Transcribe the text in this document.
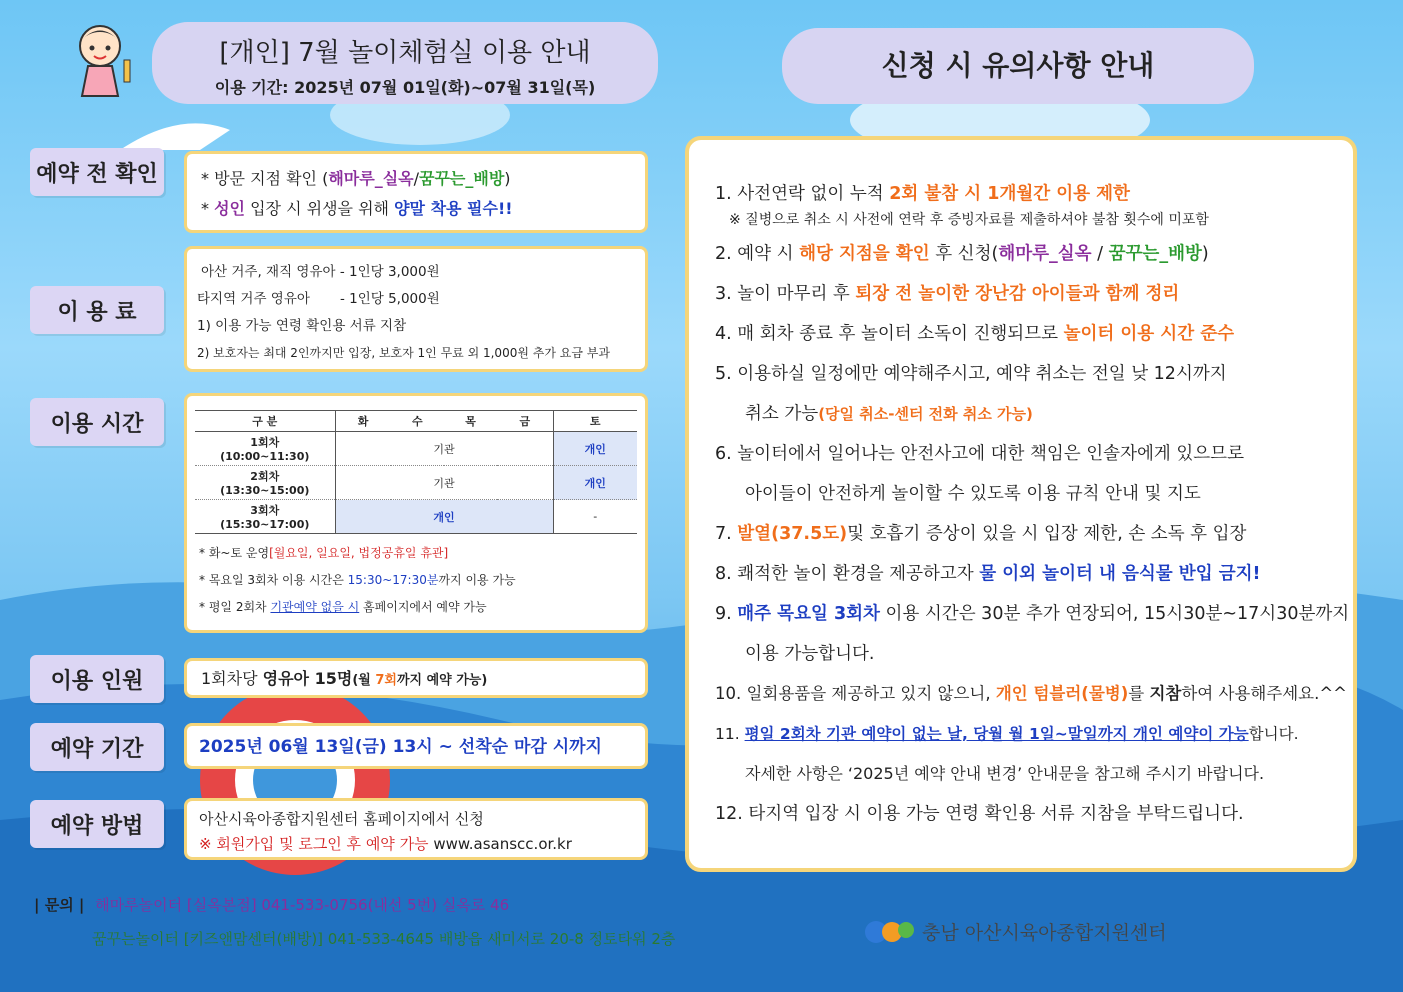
[개인] 7월 놀이체험실 이용 안내
이용 기간: 2025년 07월 01일(화)~07월 31일(목)
신청 시 유의사항 안내
예약 전 확인	* 방문 지점 확인 (해마루_실옥/꿈꾸는_배방)
* 성인 입장 시 위생을 위해 양말 착용 필수!!
이 용 료
아산 거주, 재직 영유아 - 1인당 3,000원
타지역 거주 영유아       - 1인당 5,000원
1) 이용 가능 연령 확인용 서류 지참
2) 보호자는 최대 2인까지만 입장, 보호자 1인 무료 외 1,000원 추가 요금 부과
이용 시간	구 분	화	수	목	금	토
1회차
(10:00~11:30)	기관				개인
2회차
(13:30~15:00)	기관				개인
3회차
(15:30~17:00)	개인				-
* 화~토 운영[월요일, 일요일, 법정공휴일 휴관]
* 목요일 3회차 이용 시간은 15:30~17:30분까지 이용 가능
* 평일 2회차 기관예약 없을 시 홈페이지에서 예약 가능
이용 인원	1회차당 영유아 15명(월 7회까지 예약 가능)
예약 기간	2025년 06월 13일(금) 13시 ~ 선착순 마감 시까지
예약 방법	아산시육아종합지원센터 홈페이지에서 신청
※ 회원가입 및 로그인 후 예약 가능 www.asanscc.or.kr
1. 사전연락 없이 누적 2회 불참 시 1개월간 이용 제한
※ 질병으로 취소 시 사전에 연락 후 증빙자료를 제출하셔야 불참 횟수에 미포함
2. 예약 시 해당 지점을 확인 후 신청(해마루_실옥 / 꿈꾸는_배방)
3. 놀이 마무리 후 퇴장 전 놀이한 장난감 아이들과 함께 정리
4. 매 회차 종료 후 놀이터 소독이 진행되므로 놀이터 이용 시간 준수
5. 이용하실 일정에만 예약해주시고, 예약 취소는 전일 낮 12시까지
취소 가능(당일 취소-센터 전화 취소 가능)
6. 놀이터에서 일어나는 안전사고에 대한 책임은 인솔자에게 있으므로
아이들이 안전하게 놀이할 수 있도록 이용 규칙 안내 및 지도
7. 발열(37.5도)및 호흡기 증상이 있을 시 입장 제한, 손 소독 후 입장
8. 쾌적한 놀이 환경을 제공하고자 물 이외 놀이터 내 음식물 반입 금지!
9. 매주 목요일 3회차 이용 시간은 30분 추가 연장되어, 15시30분~17시30분까지
이용 가능합니다.
10. 일회용품을 제공하고 있지 않으니, 개인 텀블러(물병)를 지참하여 사용해주세요.^^
11. 평일 2회차 기관 예약이 없는 날, 당월 월 1일~말일까지 개인 예약이 가능합니다.
자세한 사항은 ‘2025년 예약 안내 변경’ 안내문을 참고해 주시기 바랍니다.
12. 타지역 입장 시 이용 가능 연령 확인용 서류 지참을 부탁드립니다.
| 문의 | 해마루놀이터 [실옥본점] 041-533-0756(내선 5번) 실옥로 46
꿈꾸는놀이터 [키즈앤맘센터(배방)] 041-533-4645 배방읍 새미서로 20-8 정토타워 2층	충남 아산시육아종합지원센터
